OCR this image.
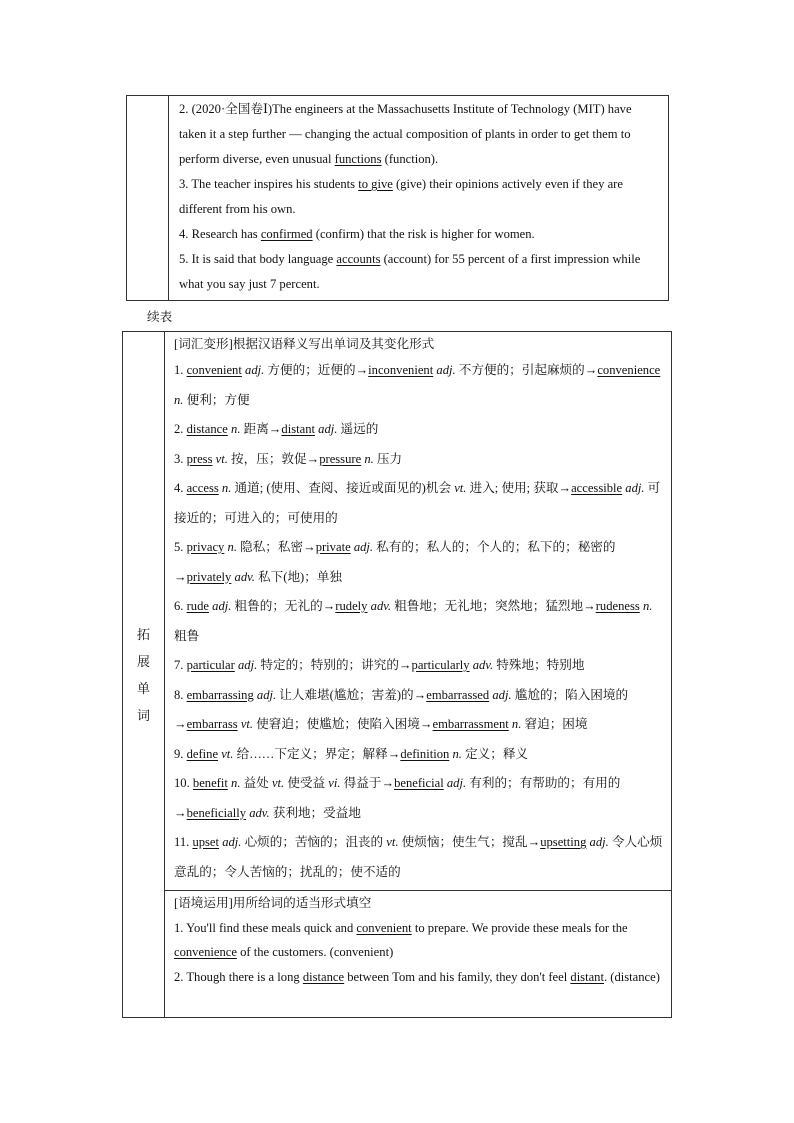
2. (2020·全国卷Ⅰ)The engineers at the Massachusetts Institute of Technology (MIT) have taken it a step further — changing the actual composition of plants in order to get them to perform diverse, even unusual functions (function).

3. The teacher inspires his students to give (give) their opinions actively even if they are different from his own.

4. Research has confirmed (confirm) that the risk is higher for women.

5. It is said that body language accounts (account) for 55 percent of a first impression while what you say just 7 percent.

续表
拓
展
单
词

[词汇变形]根据汉语释义写出单词及其变化形式

1. convenient adj. 方便的；近便的→inconvenient adj. 不方便的；引起麻烦的→convenience n. 便利；方便

2. distance n. 距离→distant adj. 遥远的

3. press vt. 按，压；敦促→pressure n. 压力

4. access n. 通道; (使用、查阅、接近或面见的)机会 vt. 进入; 使用; 获取→accessible adj. 可接近的；可进入的；可使用的

5. privacy n. 隐私；私密→private adj. 私有的；私人的；个人的；私下的；秘密的→privately adv. 私下(地)；单独

6. rude adj. 粗鲁的；无礼的→rudely adv. 粗鲁地；无礼地；突然地；猛烈地→rudeness n. 粗鲁

7. particular adj. 特定的；特别的；讲究的→particularly adv. 特殊地；特别地

8. embarrassing adj. 让人难堪(尴尬；害羞)的→embarrassed adj. 尴尬的；陷入困境的→embarrass vt. 使窘迫；使尴尬；使陷入困境→embarrassment n. 窘迫；困境

9. define vt. 给……下定义；界定；解释→definition n. 定义；释义

10. benefit n. 益处 vt. 使受益 vi. 得益于→beneficial adj. 有利的；有帮助的；有用的→beneficially adv. 获利地；受益地

11. upset adj. 心烦的；苦恼的；沮丧的 vt. 使烦恼；使生气；搅乱→upsetting adj. 令人心烦意乱的；令人苦恼的；扰乱的；使不适的

[语境运用]用所给词的适当形式填空

1. You'll find these meals quick and convenient to prepare. We provide these meals for the convenience of the customers. (convenient)

2. Though there is a long distance between Tom and his family, they don't feel distant. (distance)
